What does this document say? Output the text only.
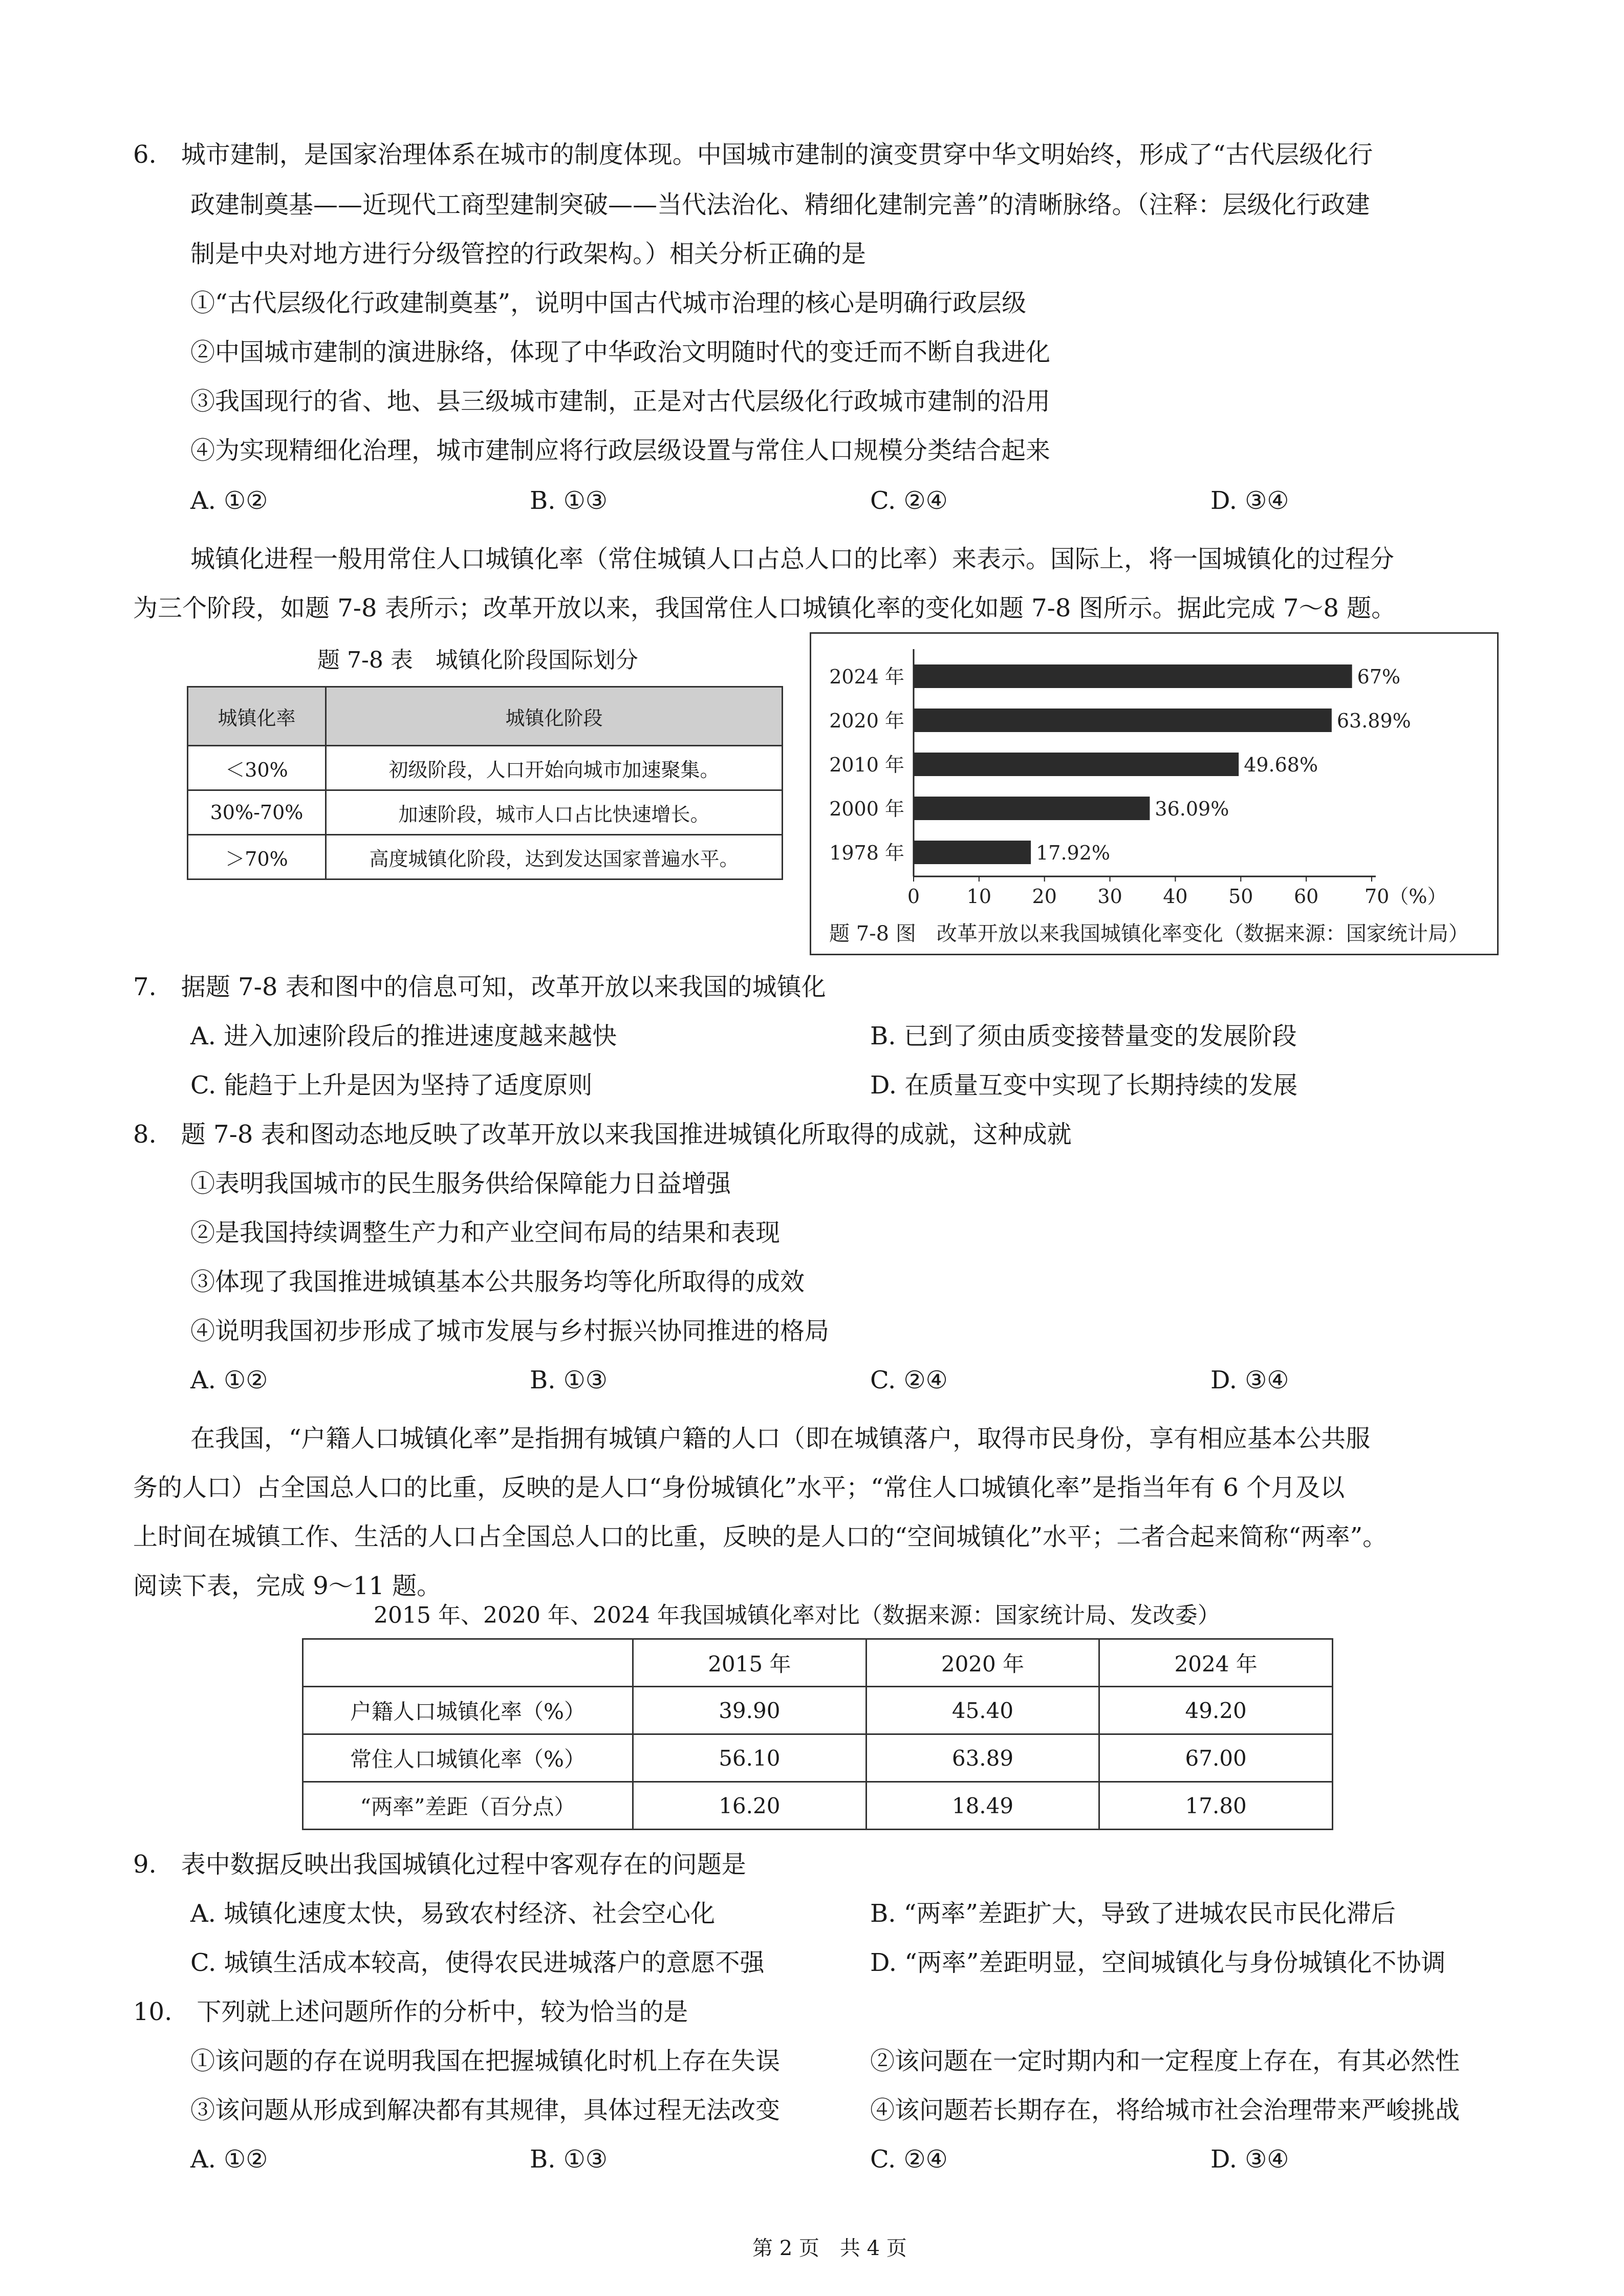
6.　城市建制，是国家治理体系在城市的制度体现。中国城市建制的演变贯穿中华文明始终，形成了“古代层级化行
政建制奠基——近现代工商型建制突破——当代法治化、精细化建制完善”的清晰脉络。（注释：层级化行政建
制是中央对地方进行分级管控的行政架构。）相关分析正确的是
①“古代层级化行政建制奠基”，说明中国古代城市治理的核心是明确行政层级
②中国城市建制的演进脉络，体现了中华政治文明随时代的变迁而不断自我进化
③我国现行的省、地、县三级城市建制，正是对古代层级化行政城市建制的沿用
④为实现精细化治理，城市建制应将行政层级设置与常住人口规模分类结合起来
A. ①②	B. ①③	C. ②④	D. ③④
城镇化进程一般用常住人口城镇化率（常住城镇人口占总人口的比率）来表示。国际上，将一国城镇化的过程分
为三个阶段，如题 7-8 表所示；改革开放以来，我国常住人口城镇化率的变化如题 7-8 图所示。据此完成 7～8 题。
题 7-8 表　城镇化阶段国际划分
城镇化率	城镇化阶段
＜30%	初级阶段，人口开始向城市加速聚集。
30%-70%	加速阶段，城市人口占比快速增长。
＞70%	高度城镇化阶段，达到发达国家普遍水平。
2024 年	67%
2020 年	63.89%
2010 年	49.68%
2000 年	36.09%
1978 年	17.92%
0 10 20 30 40 50 60 70（%）
题 7-8 图　改革开放以来我国城镇化率变化（数据来源：国家统计局）
7.　据题 7-8 表和图中的信息可知，改革开放以来我国的城镇化
A. 进入加速阶段后的推进速度越来越快	B. 已到了须由质变接替量变的发展阶段
C. 能趋于上升是因为坚持了适度原则	D. 在质量互变中实现了长期持续的发展
8.　题 7-8 表和图动态地反映了改革开放以来我国推进城镇化所取得的成就，这种成就
①表明我国城市的民生服务供给保障能力日益增强
②是我国持续调整生产力和产业空间布局的结果和表现
③体现了我国推进城镇基本公共服务均等化所取得的成效
④说明我国初步形成了城市发展与乡村振兴协同推进的格局
A. ①②	B. ①③	C. ②④	D. ③④
在我国，“户籍人口城镇化率”是指拥有城镇户籍的人口（即在城镇落户，取得市民身份，享有相应基本公共服
务的人口）占全国总人口的比重，反映的是人口“身份城镇化”水平；“常住人口城镇化率”是指当年有 6 个月及以
上时间在城镇工作、生活的人口占全国总人口的比重，反映的是人口的“空间城镇化”水平；二者合起来简称“两率”。
阅读下表，完成 9～11 题。
2015 年、2020 年、2024 年我国城镇化率对比（数据来源：国家统计局、发改委）
	2015 年	2020 年	2024 年
户籍人口城镇化率（%）	39.90	45.40	49.20
常住人口城镇化率（%）	56.10	63.89	67.00
“两率”差距（百分点）	16.20	18.49	17.80
9.　表中数据反映出我国城镇化过程中客观存在的问题是
A. 城镇化速度太快，易致农村经济、社会空心化	B. “两率”差距扩大，导致了进城农民市民化滞后
C. 城镇生活成本较高，使得农民进城落户的意愿不强	D. “两率”差距明显，空间城镇化与身份城镇化不协调
10.　下列就上述问题所作的分析中，较为恰当的是
①该问题的存在说明我国在把握城镇化时机上存在失误	②该问题在一定时期内和一定程度上存在，有其必然性
③该问题从形成到解决都有其规律，具体过程无法改变	④该问题若长期存在，将给城市社会治理带来严峻挑战
A. ①②	B. ①③	C. ②④	D. ③④
第 2 页　共 4 页
